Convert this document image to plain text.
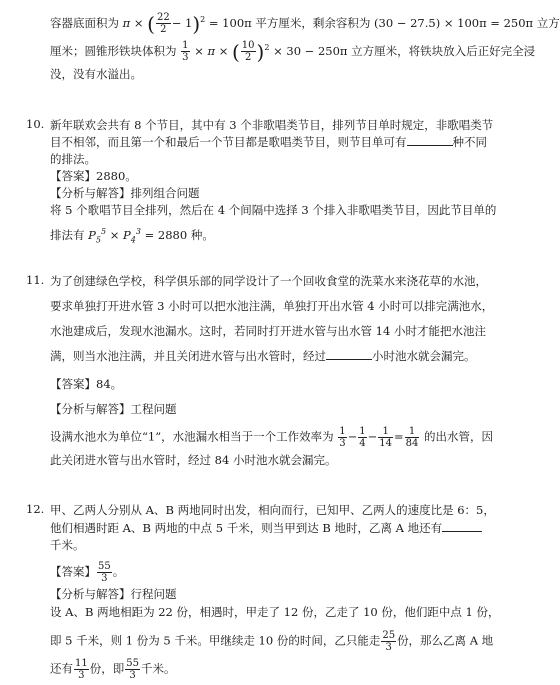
容器底面积为 π × ( $\frac{22}{2} - 1)^2 = 100\pi$ 平方厘米，剩余容积为 (30 − 27.5) × 100π = 250π 立方
厘米；圆锥形铁块体积为 $\frac{1}{3} \times \pi$ × ( $\frac{10}{2} )^2 \times 30 - 250\pi$ 立方厘米，将铁块放入后正好完全浸
没，没有水溢出。
10. 新年联欢会共有 8 个节目，其中有 3 个非歌唱类节目，排列节目单时规定，非歌唱类节
目不相邻，而且第一个和最后一个节目都是歌唱类节目，则节目单可有	种不同
的排法。
【答案】2880。
【分析与解答】排列组合问题
将 5 个歌唱节目全排列，然后在 4 个间隔中选择 3 个排入非歌唱类节目，因此节目单的
排法有 $P_5^5 \times P_4^3 = 2880$ 种。
11. 为了创建绿色学校，科学俱乐部的同学设计了一个回收食堂的洗菜水来浇花草的水池，
要求单独打开进水管 3 小时可以把水池注满，单独打开出水管 4 小时可以排完满池水，
水池建成后，发现水池漏水。这时，若同时打开进水管与出水管 14 小时才能把水池注
满，则当水池注满，并且关闭进水管与出水管时，经过	小时池水就会漏完。
【答案】84。
【分析与解答】工程问题
设满水池水为单位“1”，水池漏水相当于一个工作效率为 $\frac{1}{3} - \frac{1}{4} - \frac{1}{14} = \frac{1}{84}$ 的出水管，因
此关闭进水管与出水管时，经过 84 小时池水就会漏完。
12. 甲、乙两人分别从 A、B 两地同时出发，相向而行，已知甲、乙两人的速度比是 6：5，
他们相遇时距 A、B 两地的中点 5 千米，则当甲到达 B 地时，乙离 A 地还有
千米。
【答案】 $\frac{55}{3}$ 。
【分析与解答】行程问题
设 A、B 两地相距为 22 份，相遇时，甲走了 12 份，乙走了 10 份，他们距中点 1 份，
即 5 千米，则 1 份为 5 千米。甲继续走 10 份的时间，乙只能走 $\frac{25}{3}$ 份，那么乙离 A 地
还有 $\frac{11}{3}$ 份，即 $\frac{55}{3}$ 千米。
